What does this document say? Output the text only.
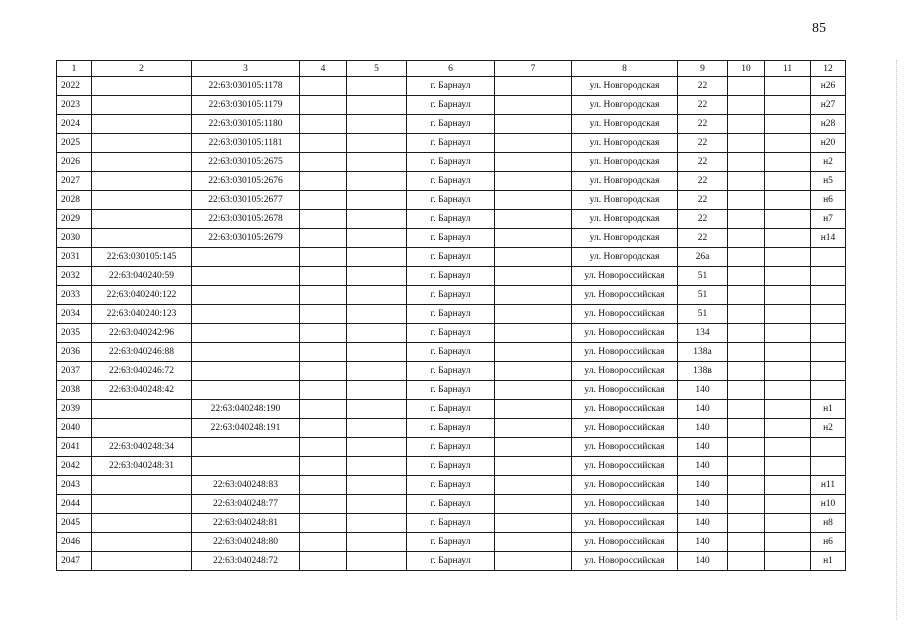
85
1	2	3	4	5	6	7	8	9	10	11	12
2022		22:63:030105:1178			г. Барнаул		ул. Новгородская	22			н26
2023		22:63:030105:1179			г. Барнаул		ул. Новгородская	22			н27
2024		22:63:030105:1180			г. Барнаул		ул. Новгородская	22			н28
2025		22:63:030105:1181			г. Барнаул		ул. Новгородская	22			н20
2026		22:63:030105:2675			г. Барнаул		ул. Новгородская	22			н2
2027		22:63:030105:2676			г. Барнаул		ул. Новгородская	22			н5
2028		22:63:030105:2677			г. Барнаул		ул. Новгородская	22			н6
2029		22:63:030105:2678			г. Барнаул		ул. Новгородская	22			н7
2030		22:63:030105:2679			г. Барнаул		ул. Новгородская	22			н14
2031	22:63:030105:145				г. Барнаул		ул. Новгородская	26а			
2032	22:63:040240:59				г. Барнаул		ул. Новороссийская	51			
2033	22:63:040240:122				г. Барнаул		ул. Новороссийская	51			
2034	22:63:040240:123				г. Барнаул		ул. Новороссийская	51			
2035	22:63:040242:96				г. Барнаул		ул. Новороссийская	134			
2036	22:63:040246:88				г. Барнаул		ул. Новороссийская	138а			
2037	22:63:040246:72				г. Барнаул		ул. Новороссийская	138в			
2038	22:63:040248:42				г. Барнаул		ул. Новороссийская	140			
2039		22:63:040248:190			г. Барнаул		ул. Новороссийская	140			н1
2040		22:63:040248:191			г. Барнаул		ул. Новороссийская	140			н2
2041	22:63:040248:34				г. Барнаул		ул. Новороссийская	140			
2042	22:63:040248:31				г. Барнаул		ул. Новороссийская	140			
2043		22:63:040248:83			г. Барнаул		ул. Новороссийская	140			н11
2044		22:63:040248:77			г. Барнаул		ул. Новороссийская	140			н10
2045		22:63:040248:81			г. Барнаул		ул. Новороссийская	140			н8
2046		22:63:040248:80			г. Барнаул		ул. Новороссийская	140			н6
2047		22:63:040248:72			г. Барнаул		ул. Новороссийская	140			н1
